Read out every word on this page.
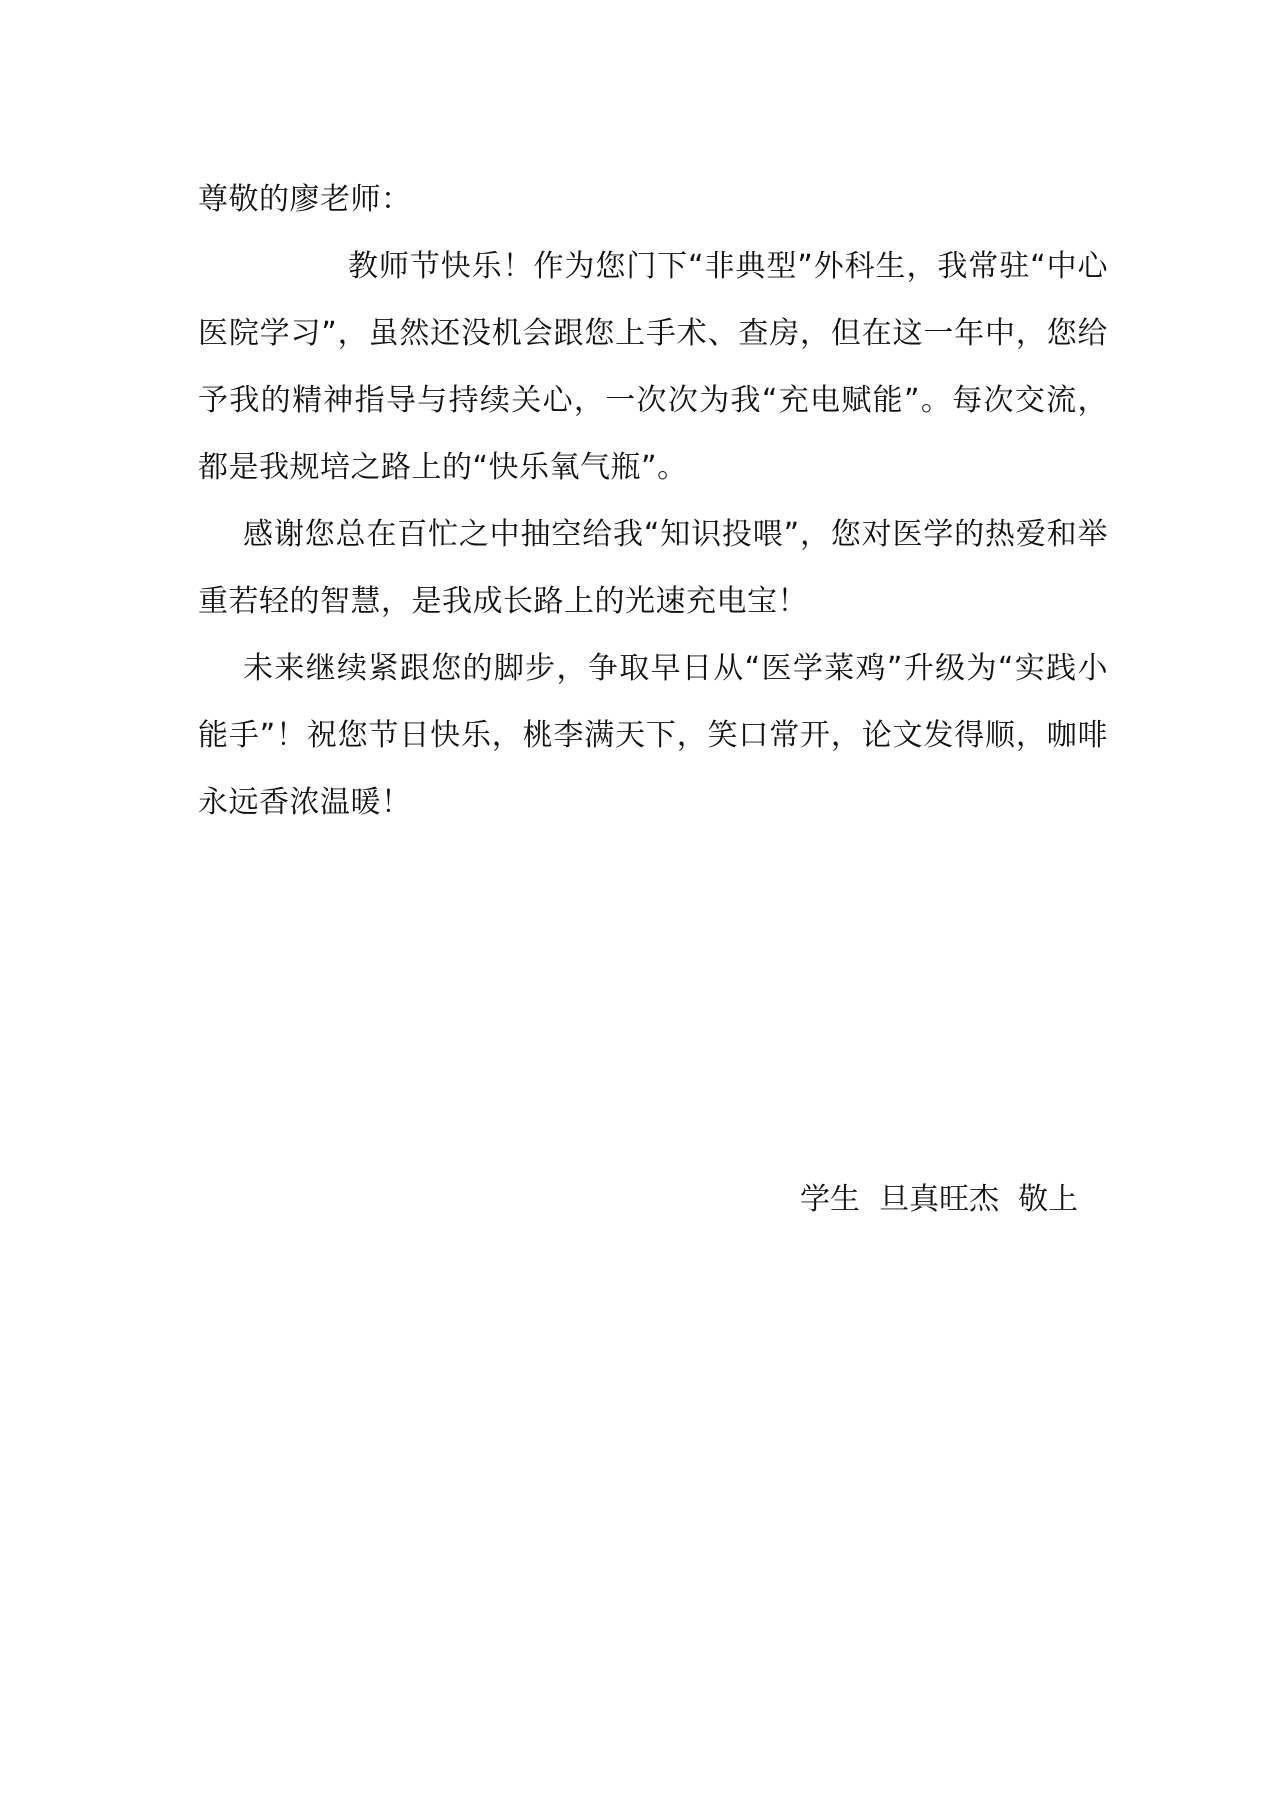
尊敬的廖老师：

教师节快乐！作为您门下“非典型”外科生，我常驻“中心医院学习”，虽然还没机会跟您上手术、查房，但在这一年中，您给予我的精神指导与持续关心，一次次为我“充电赋能”。每次交流，都是我规培之路上的“快乐氧气瓶”。

感谢您总在百忙之中抽空给我“知识投喂”，您对医学的热爱和举重若轻的智慧，是我成长路上的光速充电宝！

未来继续紧跟您的脚步，争取早日从“医学菜鸡”升级为“实践小能手”！祝您节日快乐，桃李满天下，笑口常开，论文发得顺，咖啡永远香浓温暖！

学生  旦真旺杰  敬上
